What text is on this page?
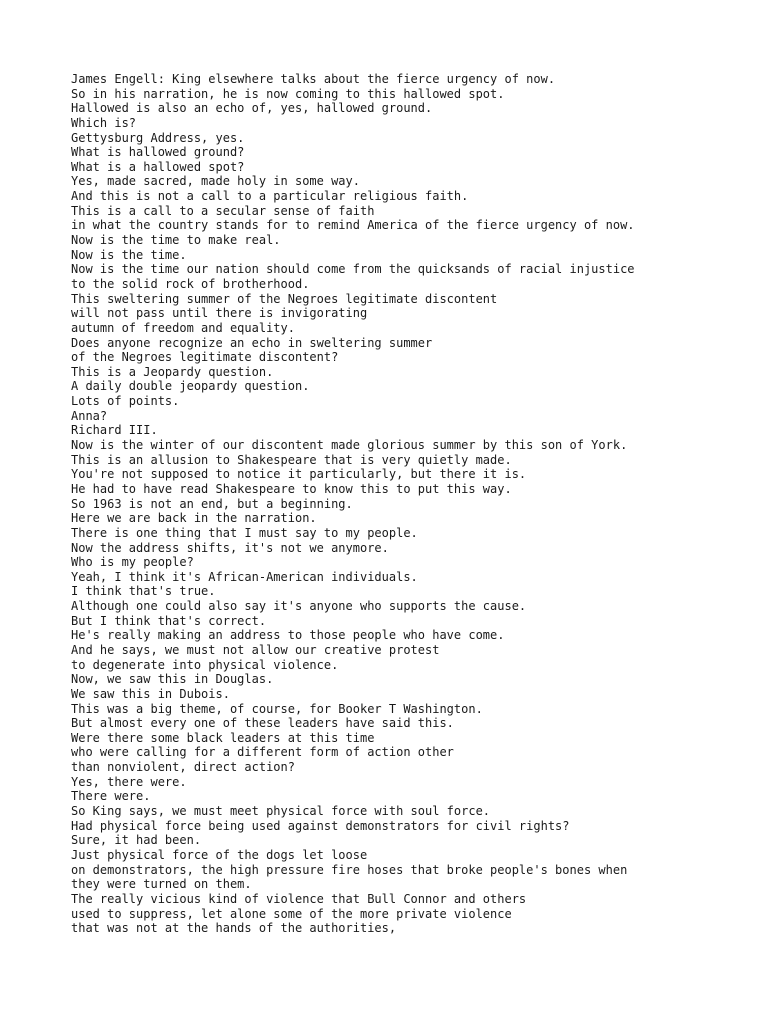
James Engell: King elsewhere talks about the fierce urgency of now.
So in his narration, he is now coming to this hallowed spot.
Hallowed is also an echo of, yes, hallowed ground.
Which is?
Gettysburg Address, yes.
What is hallowed ground?
What is a hallowed spot?
Yes, made sacred, made holy in some way.
And this is not a call to a particular religious faith.
This is a call to a secular sense of faith
in what the country stands for to remind America of the fierce urgency of now.
Now is the time to make real.
Now is the time.
Now is the time our nation should come from the quicksands of racial injustice
to the solid rock of brotherhood.
This sweltering summer of the Negroes legitimate discontent
will not pass until there is invigorating
autumn of freedom and equality.
Does anyone recognize an echo in sweltering summer
of the Negroes legitimate discontent?
This is a Jeopardy question.
A daily double jeopardy question.
Lots of points.
Anna?
Richard III.
Now is the winter of our discontent made glorious summer by this son of York.
This is an allusion to Shakespeare that is very quietly made.
You're not supposed to notice it particularly, but there it is.
He had to have read Shakespeare to know this to put this way.
So 1963 is not an end, but a beginning.
Here we are back in the narration.
There is one thing that I must say to my people.
Now the address shifts, it's not we anymore.
Who is my people?
Yeah, I think it's African-American individuals.
I think that's true.
Although one could also say it's anyone who supports the cause.
But I think that's correct.
He's really making an address to those people who have come.
And he says, we must not allow our creative protest
to degenerate into physical violence.
Now, we saw this in Douglas.
We saw this in Dubois.
This was a big theme, of course, for Booker T Washington.
But almost every one of these leaders have said this.
Were there some black leaders at this time
who were calling for a different form of action other
than nonviolent, direct action?
Yes, there were.
There were.
So King says, we must meet physical force with soul force.
Had physical force being used against demonstrators for civil rights?
Sure, it had been.
Just physical force of the dogs let loose
on demonstrators, the high pressure fire hoses that broke people's bones when
they were turned on them.
The really vicious kind of violence that Bull Connor and others
used to suppress, let alone some of the more private violence
that was not at the hands of the authorities,
